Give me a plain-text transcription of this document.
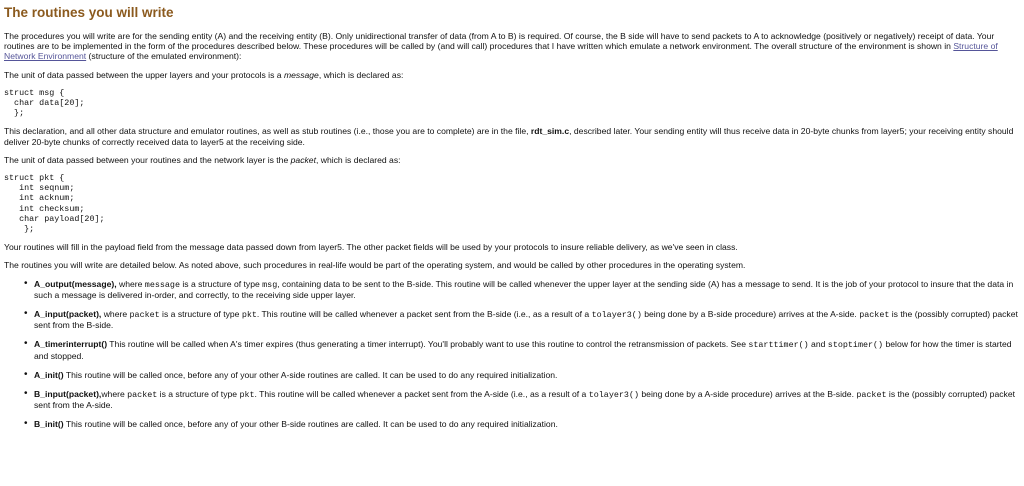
The routines you will write

The procedures you will write are for the sending entity (A) and the receiving entity (B). Only unidirectional transfer of data (from A to B) is required. Of course, the B side will have to send packets to A to acknowledge (positively or negatively) receipt of data. Your routines are to be implemented in the form of the procedures described below. These procedures will be called by (and will call) procedures that I have written which emulate a network environment. The overall structure of the environment is shown in Structure of Network Environment (structure of the emulated environment):

The unit of data passed between the upper layers and your protocols is a message, which is declared as:

struct msg {
char data[20];
};

This declaration, and all other data structure and emulator routines, as well as stub routines (i.e., those you are to complete) are in the file, rdt_sim.c, described later. Your sending entity will thus receive data in 20-byte chunks from layer5; your receiving entity should deliver 20-byte chunks of correctly received data to layer5 at the receiving side.

The unit of data passed between your routines and the network layer is the packet, which is declared as:

struct pkt {
int seqnum;
int acknum;
int checksum;
char payload[20];
};

Your routines will fill in the payload field from the message data passed down from layer5. The other packet fields will be used by your protocols to insure reliable delivery, as we've seen in class.

The routines you will write are detailed below. As noted above, such procedures in real-life would be part of the operating system, and would be called by other procedures in the operating system.

• A_output(message), where message is a structure of type msg, containing data to be sent to the B-side. This routine will be called whenever the upper layer at the sending side (A) has a message to send. It is the job of your protocol to insure that the data in such a message is delivered in-order, and correctly, to the receiving side upper layer.
• A_input(packet), where packet is a structure of type pkt. This routine will be called whenever a packet sent from the B-side (i.e., as a result of a tolayer3() being done by a B-side procedure) arrives at the A-side. packet is the (possibly corrupted) packet sent from the B-side.
• A_timerinterrupt() This routine will be called when A's timer expires (thus generating a timer interrupt). You'll probably want to use this routine to control the retransmission of packets. See starttimer() and stoptimer() below for how the timer is started and stopped.
• A_init() This routine will be called once, before any of your other A-side routines are called. It can be used to do any required initialization.
• B_input(packet),where packet is a structure of type pkt. This routine will be called whenever a packet sent from the A-side (i.e., as a result of a tolayer3() being done by a A-side procedure) arrives at the B-side. packet is the (possibly corrupted) packet sent from the A-side.
• B_init() This routine will be called once, before any of your other B-side routines are called. It can be used to do any required initialization.
